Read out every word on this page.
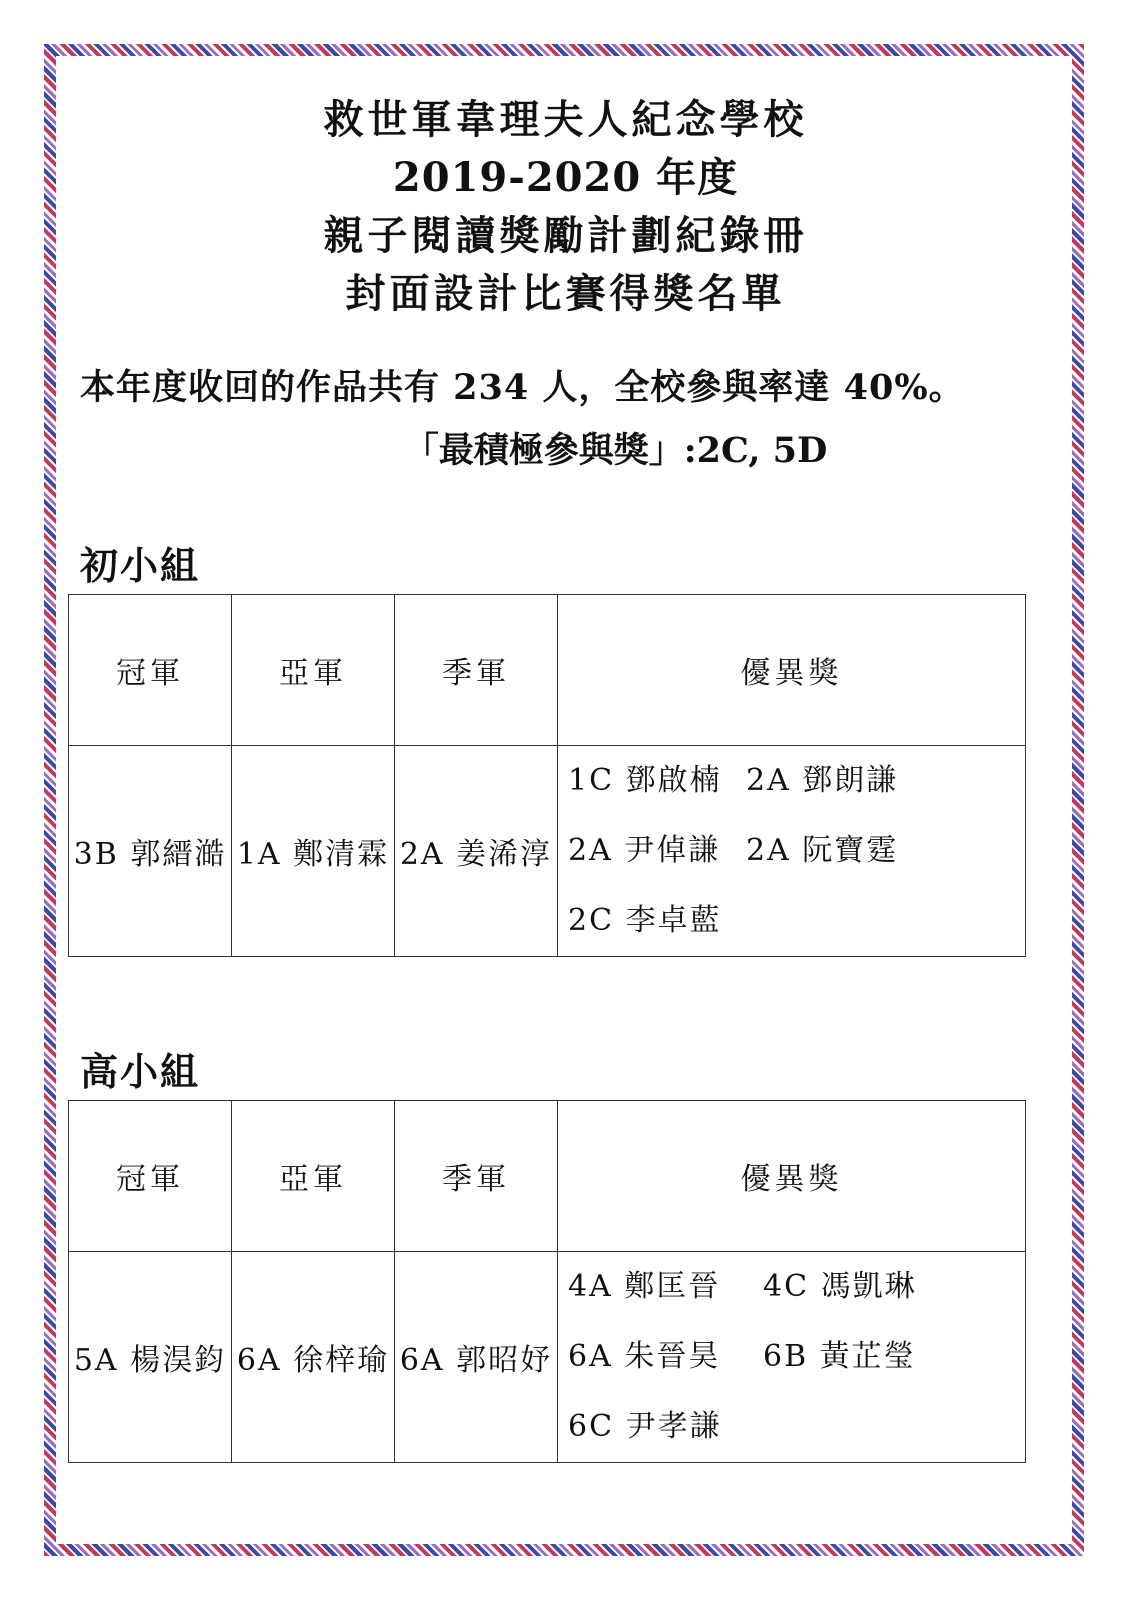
救世軍韋理夫人紀念學校
2019-2020 年度
親子閱讀獎勵計劃紀錄冊
封面設計比賽得獎名單
本年度收回的作品共有 234 人，全校參與率達 40%。
「最積極參與獎」:2C, 5D
初小組
冠軍	亞軍	季軍	優異獎
3B 郭縉澔	1A 鄭清霖	2A 姜浠淳	1C 鄧啟楠 2A 鄧朗謙
2A 尹倬謙 2A 阮寶霆
2C 李卓藍
高小組
冠軍	亞軍	季軍	優異獎
5A 楊淏鈞	6A 徐梓瑜	6A 郭昭妤	4A 鄭匡晉 4C 馮凱琳
6A 朱晉昊 6B 黃芷瑩
6C 尹孝謙
